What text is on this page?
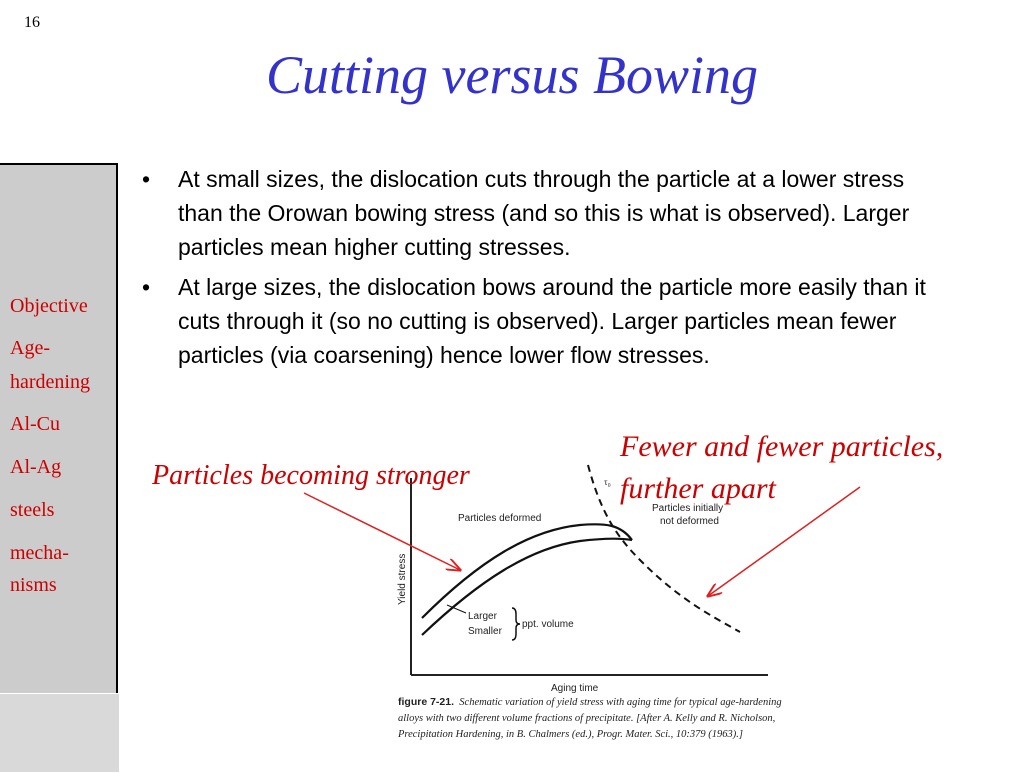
16
Cutting versus Bowing
Objective
Age-
hardening
Al-Cu
Al-Ag
steels
mecha-
nisms
• At small sizes, the dislocation cuts through the particle at a lower stress than the Orowan bowing stress (and so this is what is observed). Larger particles mean higher cutting stresses.
• At large sizes, the dislocation bows around the particle more easily than it cuts through it (so no cutting is observed). Larger particles mean fewer particles (via coarsening) hence lower flow stresses.
Yield stress
Aging time
τ₀
Particles deformed
Particles initially
not deformed
Larger
Smaller
ppt. volume
Particles becoming stronger
Fewer and fewer particles,
further apart
figure 7-21. Schematic variation of yield stress with aging time for typical age-hardening
alloys with two different volume fractions of precipitate. [After A. Kelly and R. Nicholson,
Precipitation Hardening, in B. Chalmers (ed.), Progr. Mater. Sci., 10:379 (1963).]
